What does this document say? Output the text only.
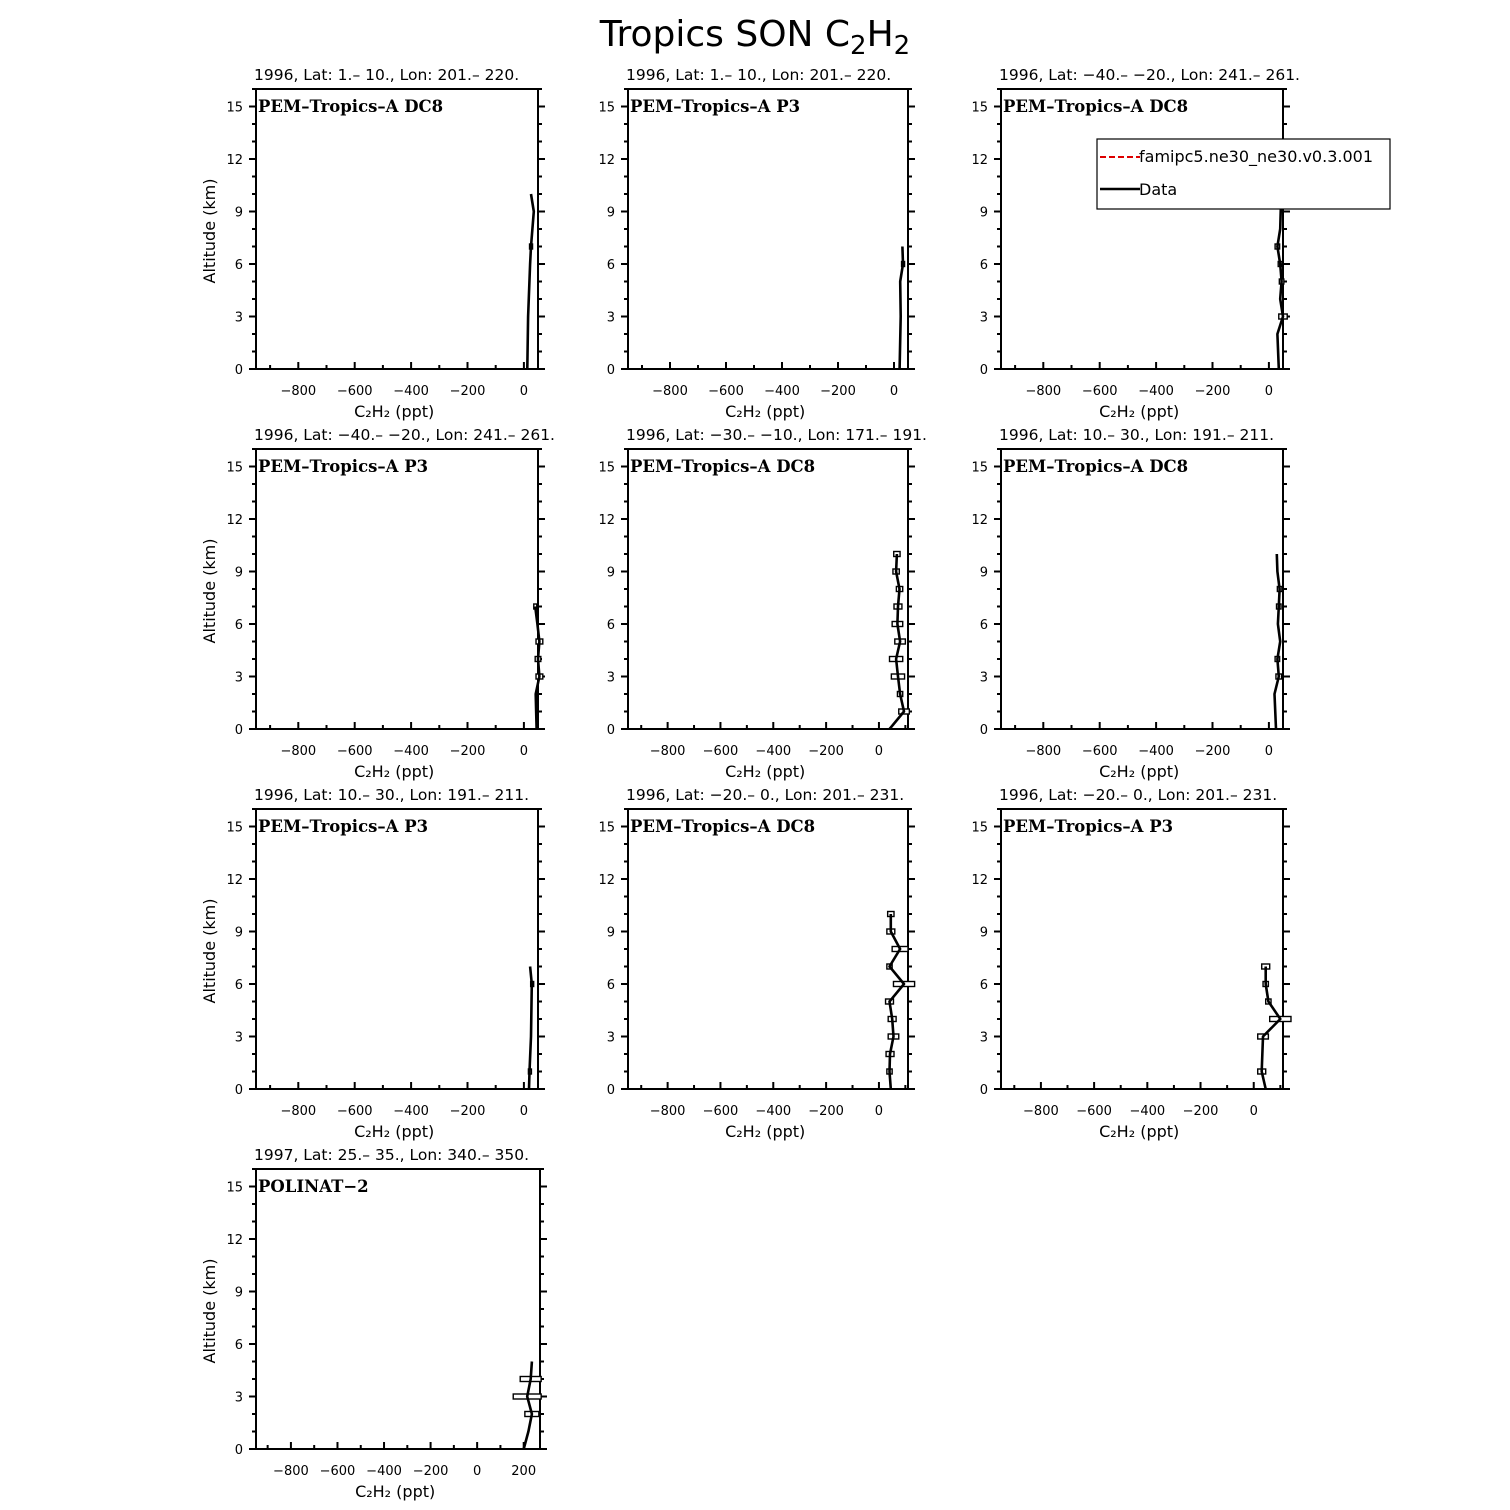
Tropics SON $C_2H_2$
1996, Lat: 1.– 10., Lon: 201.– 220.
PEM–Tropics–A DC8
0
3
6
9
12
15
−800 −600 −400 −200	0
C₂H₂ (ppt)
Altitude (km)
1996, Lat: 1.– 10., Lon: 201.– 220.
PEM–Tropics–A P3
0
3
6
9
12
15
−800 −600 −400 −200	0
C₂H₂ (ppt)
1996, Lat: −40.– −20., Lon: 241.– 261.
PEM–Tropics–A DC8
0
3
6
9
12
15
−800 −600 −400 −200	0
C₂H₂ (ppt)
1996, Lat: −40.– −20., Lon: 241.– 261.
PEM–Tropics–A P3
0
3
6
9
12
15
−800 −600 −400 −200	0
C₂H₂ (ppt)
Altitude (km)
1996, Lat: −30.– −10., Lon: 171.– 191.
PEM–Tropics–A DC8
0
3
6
9
12
15
−800 −600 −400 −200 0
C₂H₂ (ppt)
1996, Lat: 10.– 30., Lon: 191.– 211.
PEM–Tropics–A DC8
0
3
6
9
12
15
−800 −600 −400 −200	0
C₂H₂ (ppt)
1996, Lat: 10.– 30., Lon: 191.– 211.
PEM–Tropics–A P3
0
3
6
9
12
15
−800 −600 −400 −200	0
C₂H₂ (ppt)
Altitude (km)
1996, Lat: −20.– 0., Lon: 201.– 231.
PEM–Tropics–A DC8
0
3
6
9
12
15
−800 −600 −400 −200 0
C₂H₂ (ppt)
1996, Lat: −20.– 0., Lon: 201.– 231.
PEM–Tropics–A P3
0
3
6
9
12
15
−800 −600 −400 −200 0
C₂H₂ (ppt)
1997, Lat: 25.– 35., Lon: 340.– 350.
POLINAT−2
0
3
6
9
12
15
−800 −600 −400 −200 0 200
C₂H₂ (ppt)
Altitude (km)
famipc5.ne30_ne30.v0.3.001
Data
